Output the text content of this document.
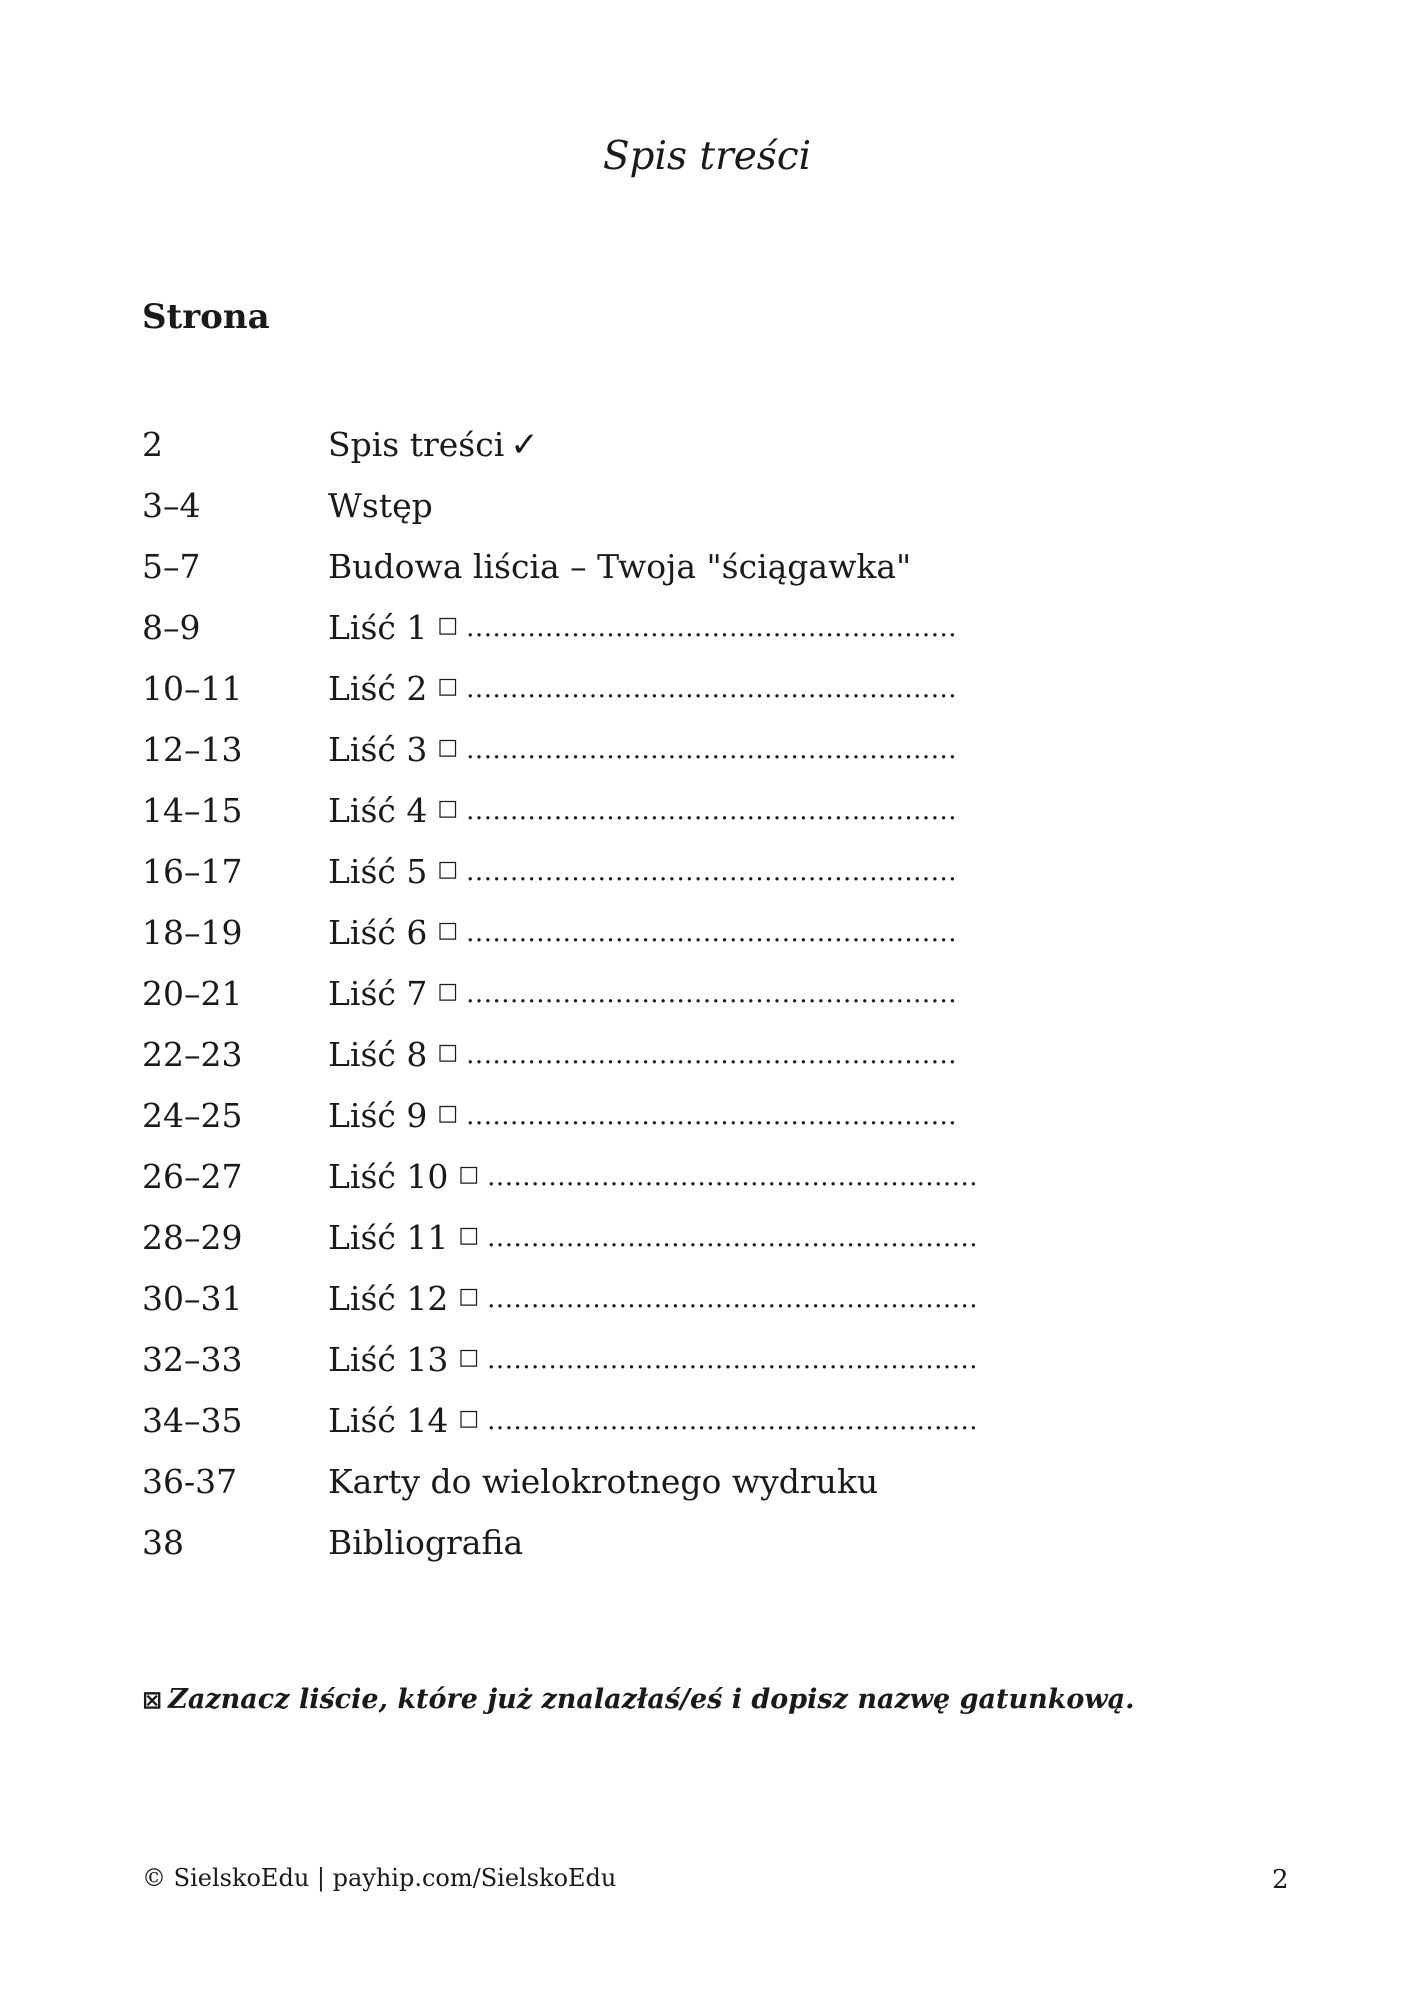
Spis treści
Strona
2	Spis treści ✓
3–4	Wstęp
5–7	Budowa liścia – Twoja "ściągawka"
8–9	Liść 1 □ ........................................................
10–11	Liść 2 □ ........................................................
12–13	Liść 3 □ ........................................................
14–15	Liść 4 □ ........................................................
16–17	Liść 5 □ ........................................................
18–19	Liść 6 □ ........................................................
20–21	Liść 7 □ ........................................................
22–23	Liść 8 □ ........................................................
24–25	Liść 9 □ ........................................................
26–27	Liść 10 □ ........................................................
28–29	Liść 11 □ ........................................................
30–31	Liść 12 □ ........................................................
32–33	Liść 13 □ ........................................................
34–35	Liść 14 □ ........................................................
36-37	Karty do wielokrotnego wydruku
38	Bibliografia

⊠ Zaznacz liście, które już znalazłaś/eś i dopisz nazwę gatunkową.

© SielskoEdu | payhip.com/SielskoEdu	2
